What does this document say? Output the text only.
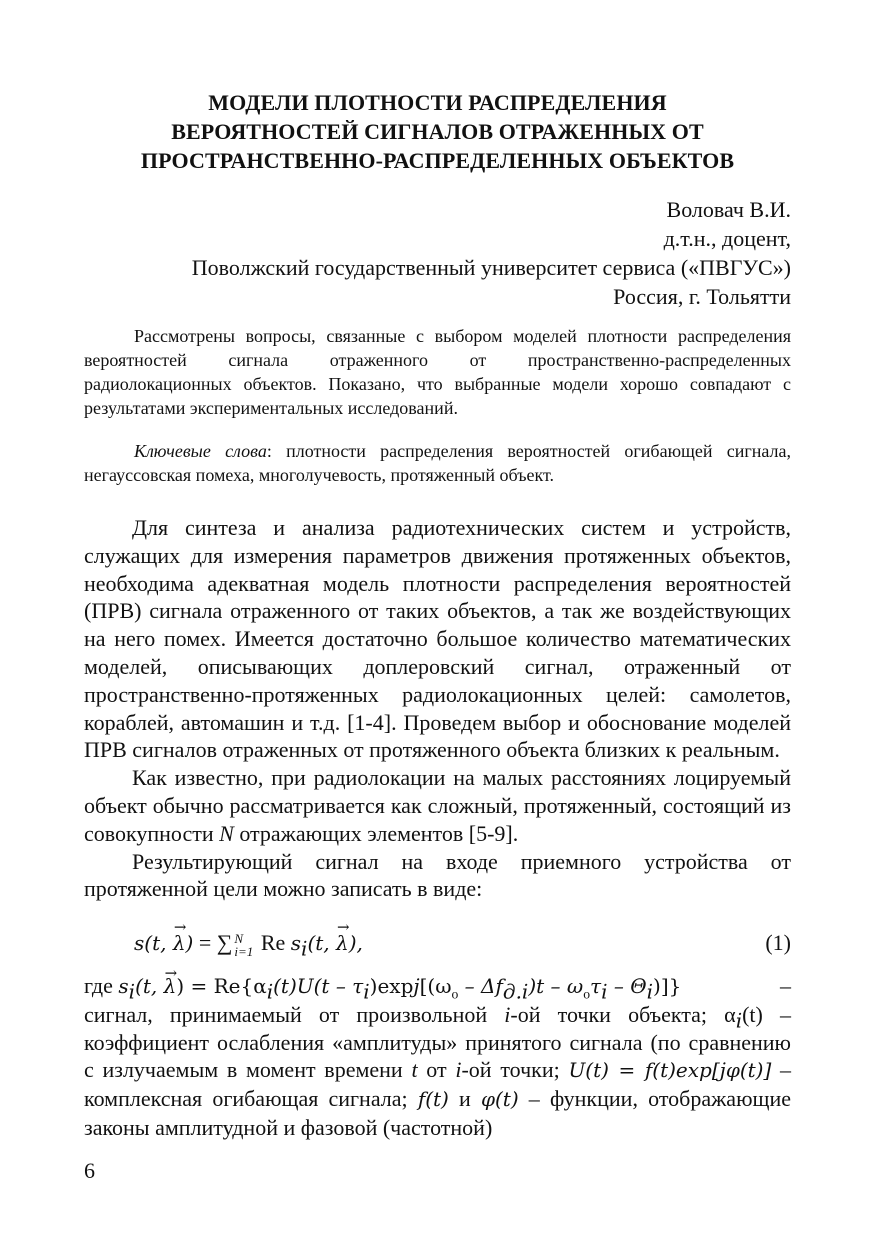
МОДЕЛИ ПЛОТНОСТИ РАСПРЕДЕЛЕНИЯ
ВЕРОЯТНОСТЕЙ СИГНАЛОВ ОТРАЖЕННЫХ ОТ
ПРОСТРАНСТВЕННО-РАСПРЕДЕЛЕННЫХ ОБЪЕКТОВ
Воловач В.И.
д.т.н., доцент,
Поволжский государственный университет сервиса («ПВГУС»)
Россия, г. Тольятти

Рассмотрены вопросы, связанные с выбором моделей плотности распределения вероятностей сигнала отраженного от пространственно-распределенных радиолокационных объектов. Показано, что выбранные модели хорошо совпадают с результатами экспериментальных исследований.

Ключевые слова: плотности распределения вероятностей огибающей сигнала, негауссовская помеха, многолучевость, протяженный объект.

Для синтеза и анализа радиотехнических систем и устройств, служащих для измерения параметров движения протяженных объектов, необходима адекватная модель плотности распределения вероятностей (ПРВ) сигнала отраженного от таких объектов, а так же воздействующих на него помех. Имеется достаточно большое количество математических моделей, описывающих доплеровский сигнал, отраженный от пространственно-протяженных радиолокационных целей: самолетов, кораблей, автомашин и т.д. [1-4]. Проведем выбор и обоснование моделей ПРВ сигналов отраженных от протяженного объекта близких к реальным.

Как известно, при радиолокации на малых расстояниях лоцируемый объект обычно рассматривается как сложный, протяженный, состоящий из совокупности N отражающих элементов [5-9].

Результирующий сигнал на входе приемного устройства от протяженной цели можно записать в виде:

s(t, λ →) = ∑ N
i=1 Re $s_i(t$, λ →),	(1)

где $s_i(t$, λ →) = $Re\{\alpha_i(t)U(t - \tau_i)\exp j[(\omega_о - \Delta f_{д.i})t - \omega_о\tau_i - \Theta_i)]$}	–

сигнал, принимаемый от произвольной i-ой точки объекта; $\alpha_i(t)$ – коэффициент ослабления «амплитуды» принятого сигнала (по сравнению с излучаемым в момент времени t от i-ой точки; U(t) = f(t)exp[jφ(t)] – комплексная огибающая сигнала; f(t) и φ(t) – функции, отображающие законы амплитудной и фазовой (частотной)

6
